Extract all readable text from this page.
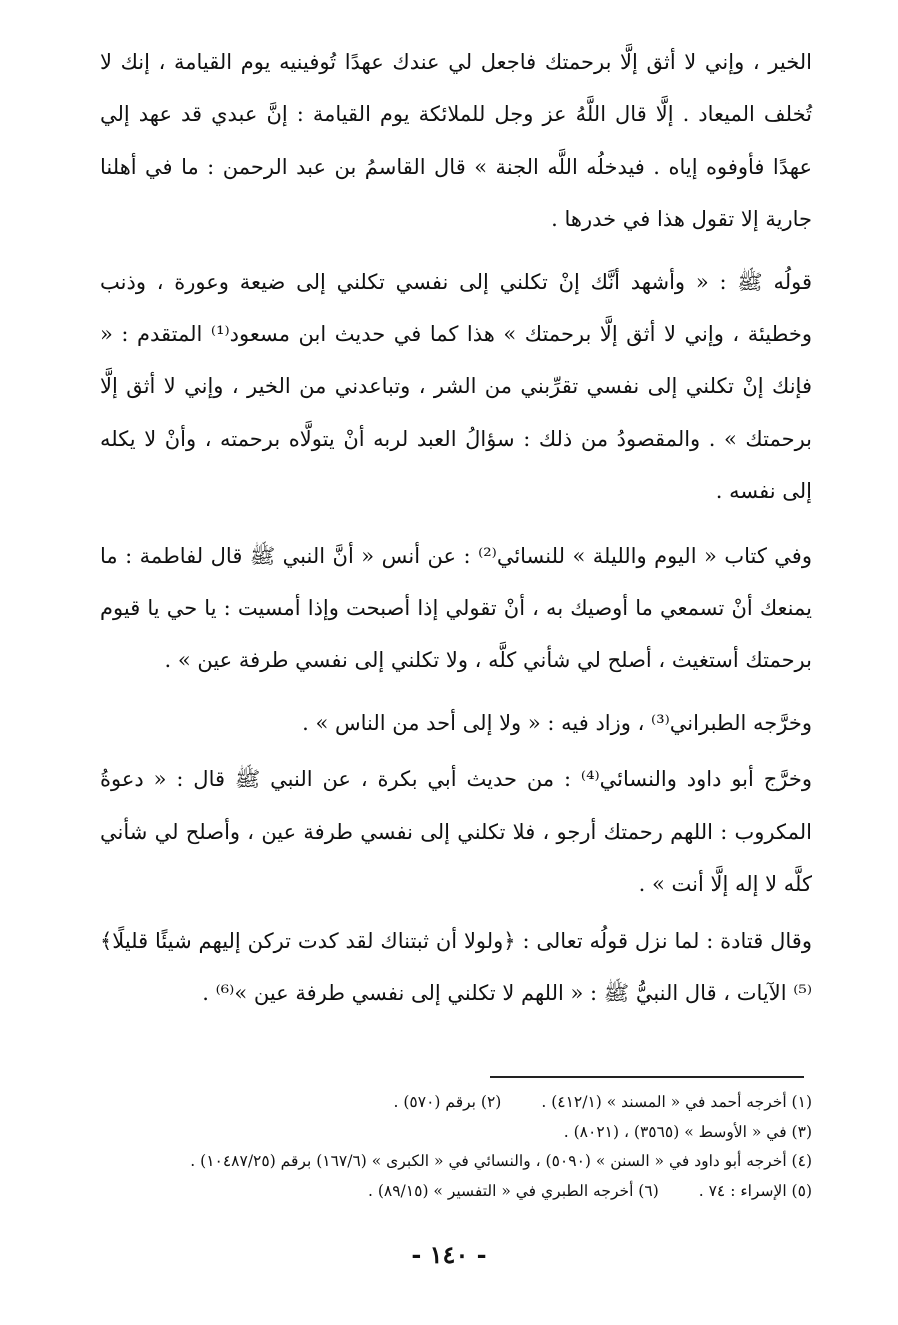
الخير ، وإني لا أثق إلَّا برحمتك فاجعل لي عندك عهدًا تُوفينيه يوم القيامة ، إنك لا تُخلف الميعاد . إلَّا قال اللَّهُ عز وجل للملائكة يوم القيامة : إنَّ عبدي قد عهد إلي عهدًا فأوفوه إياه . فيدخلُه اللَّه الجنة » قال القاسمُ بن عبد الرحمن : ما في أهلنا جارية إلا تقول هذا في خدرها .

قولُه ﷺ : « وأشهد أنَّك إنْ تكلني إلى نفسي تكلني إلى ضيعة وعورة ، وذنب وخطيئة ، وإني لا أثق إلَّا برحمتك » هذا كما في حديث ابن مسعود⁽¹⁾ المتقدم : « فإنك إنْ تكلني إلى نفسي تقرِّبني من الشر ، وتباعدني من الخير ، وإني لا أثق إلَّا برحمتك » . والمقصودُ من ذلك : سؤالُ العبد لربه أنْ يتولَّاه برحمته ، وأنْ لا يكله إلى نفسه .

وفي كتاب « اليوم والليلة » للنسائي⁽²⁾ : عن أنس « أنَّ النبي ﷺ قال لفاطمة : ما يمنعك أنْ تسمعي ما أوصيك به ، أنْ تقولي إذا أصبحت وإذا أمسيت : يا حي يا قيوم برحمتك أستغيث ، أصلح لي شأني كلَّه ، ولا تكلني إلى نفسي طرفة عين » .

وخرَّجه الطبراني⁽³⁾ ، وزاد فيه : « ولا إلى أحد من الناس » .

وخرَّج أبو داود والنسائي⁽⁴⁾ : من حديث أبي بكرة ، عن النبي ﷺ قال : « دعوةُ المكروب : اللهم رحمتك أرجو ، فلا تكلني إلى نفسي طرفة عين ، وأصلح لي شأني كلَّه لا إله إلَّا أنت » .

وقال قتادة : لما نزل قولُه تعالى : ﴿ولولا أن ثبتناك لقد كدت تركن إليهم شيئًا قليلًا﴾⁽⁵⁾ الآيات ، قال النبيُّ ﷺ : « اللهم لا تكلني إلى نفسي طرفة عين »⁽⁶⁾ .

(١) أخرجه أحمد في « المسند » (٤١٢/١) .
(٢) برقم (٥٧٠) .
(٣) في « الأوسط » (٣٥٦٥) ، (٨٠٢١) .
(٤) أخرجه أبو داود في « السنن » (٥٠٩٠) ، والنسائي في « الكبرى » (١٦٧/٦) برقم (١٠٤٨٧/٢٥) .
(٥) الإسراء : ٧٤ .
(٦) أخرجه الطبري في « التفسير » (٨٩/١٥) .
- ١٤٠ -
